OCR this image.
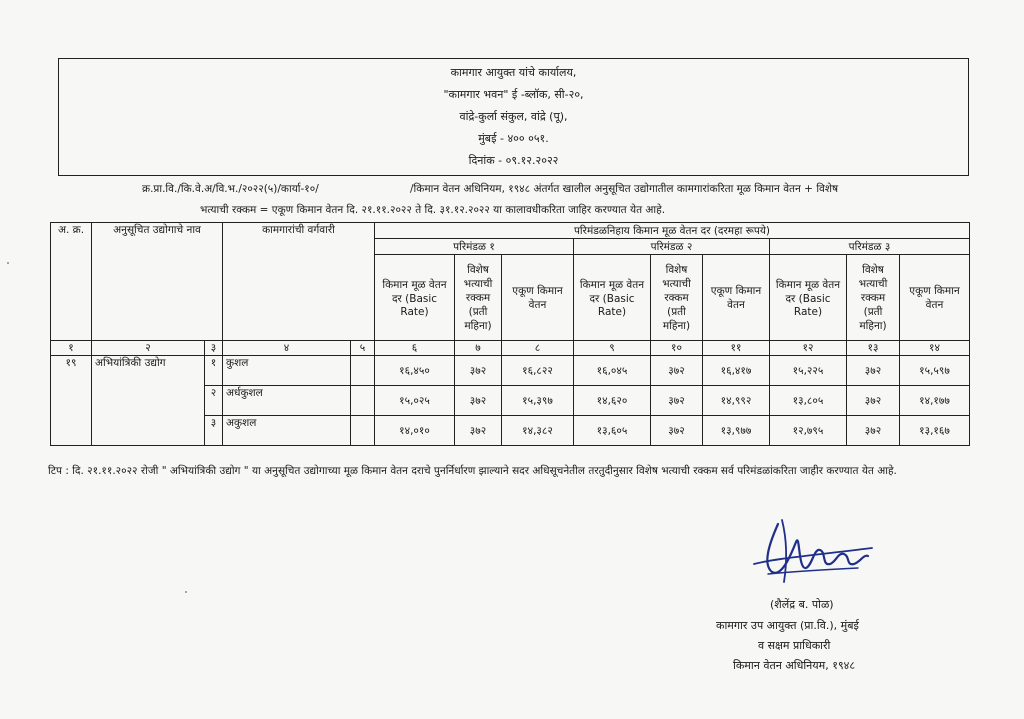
कामगार आयुक्त यांचे कार्यालय,
"कामगार भवन" ई -ब्लॉक, सी-२०,
वांद्रे-कुर्ला संकुल, वांद्रे (पू),
मुंबई - ४०० ०५१.
दिनांक - ०९.१२.२०२२
क्र.प्रा.वि./कि.वे.अ/वि.भ./२०२२(५)/कार्या-१०/	/किमान वेतन अधिनियम, १९४८ अंतर्गत खालील अनुसूचित उद्योगातील कामगारांकरिता मूळ किमान वेतन + विशेष
भत्याची रक्कम = एकूण किमान वेतन दि. २१.११.२०२२ ते दि. ३१.१२.२०२२ या कालावधीकरिता जाहिर करण्यात येत आहे.
अ. क्र.	अनुसूचित उद्योगाचे नाव		कामगारांची वर्गवारी		परिमंडळनिहाय किमान मूळ वेतन दर (दरमहा रूपये)								
					परिमंडळ १			परिमंडळ २			परिमंडळ ३		
					किमान मूळ वेतन दर (Basic Rate)	विशेष भत्याची रक्कम (प्रती महिना)	एकूण किमान वेतन	किमान मूळ वेतन दर (Basic Rate)	विशेष भत्याची रक्कम (प्रती महिना)	एकूण किमान वेतन	किमान मूळ वेतन दर (Basic Rate)	विशेष भत्याची रक्कम (प्रती महिना)	एकूण किमान वेतन
१	२	३	४	५	६	७	८	९	१०	११	१२	१३	१४
१९	अभियांत्रिकी उद्योग	१	कुशल		१६,४५०	३७२	१६,८२२	१६,०४५	३७२	१६,४१७	१५,२२५	३७२	१५,५९७
		२	अर्धकुशल		१५,०२५	३७२	१५,३९७	१४,६२०	३७२	१४,९९२	१३,८०५	३७२	१४,१७७
		३	अकुशल		१४,०१०	३७२	१४,३८२	१३,६०५	३७२	१३,९७७	१२,७९५	३७२	१३,१६७
टिप : दि. २१.११.२०२२ रोजी " अभियांत्रिकी उद्योग " या अनुसूचित उद्योगाच्या मूळ किमान वेतन दराचे पुनर्निर्धारण झाल्याने सदर अधिसूचनेतील तरतुदीनुसार विशेष भत्याची रक्कम सर्व परिमंडळांकरिता जाहीर करण्यात येत आहे.
(शैलेंद्र ब. पोळ)
कामगार उप आयुक्त (प्रा.वि.), मुंबई
व सक्षम प्राधिकारी
किमान वेतन अधिनियम, १९४८
